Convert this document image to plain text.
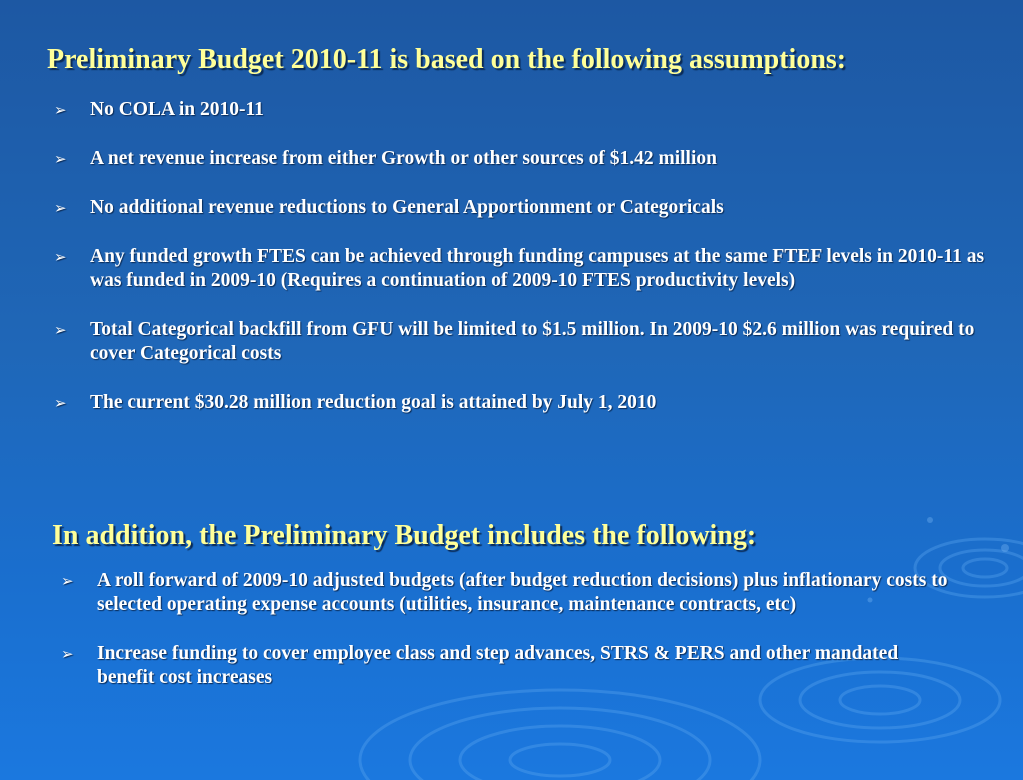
Preliminary Budget 2010-11 is based on the following assumptions:
➢ No COLA in 2010-11
➢ A net revenue increase from either Growth or other sources of $1.42 million
➢ No additional revenue reductions to General Apportionment or Categoricals
➢ Any funded growth FTES can be achieved through funding campuses at the same FTEF levels in 2010-11 as was funded in 2009-10 (Requires a continuation of 2009-10 FTES productivity levels)
➢ Total Categorical backfill from GFU will be limited to $1.5 million. In 2009-10 $2.6 million was required to cover Categorical costs
➢ The current $30.28 million reduction goal is attained by July 1, 2010
In addition, the Preliminary Budget includes the following:
➢ A roll forward of 2009-10 adjusted budgets (after budget reduction decisions) plus inflationary costs to selected operating expense accounts (utilities, insurance, maintenance contracts, etc)
➢ Increase funding to cover employee class and step advances, STRS & PERS and other mandated benefit cost increases
